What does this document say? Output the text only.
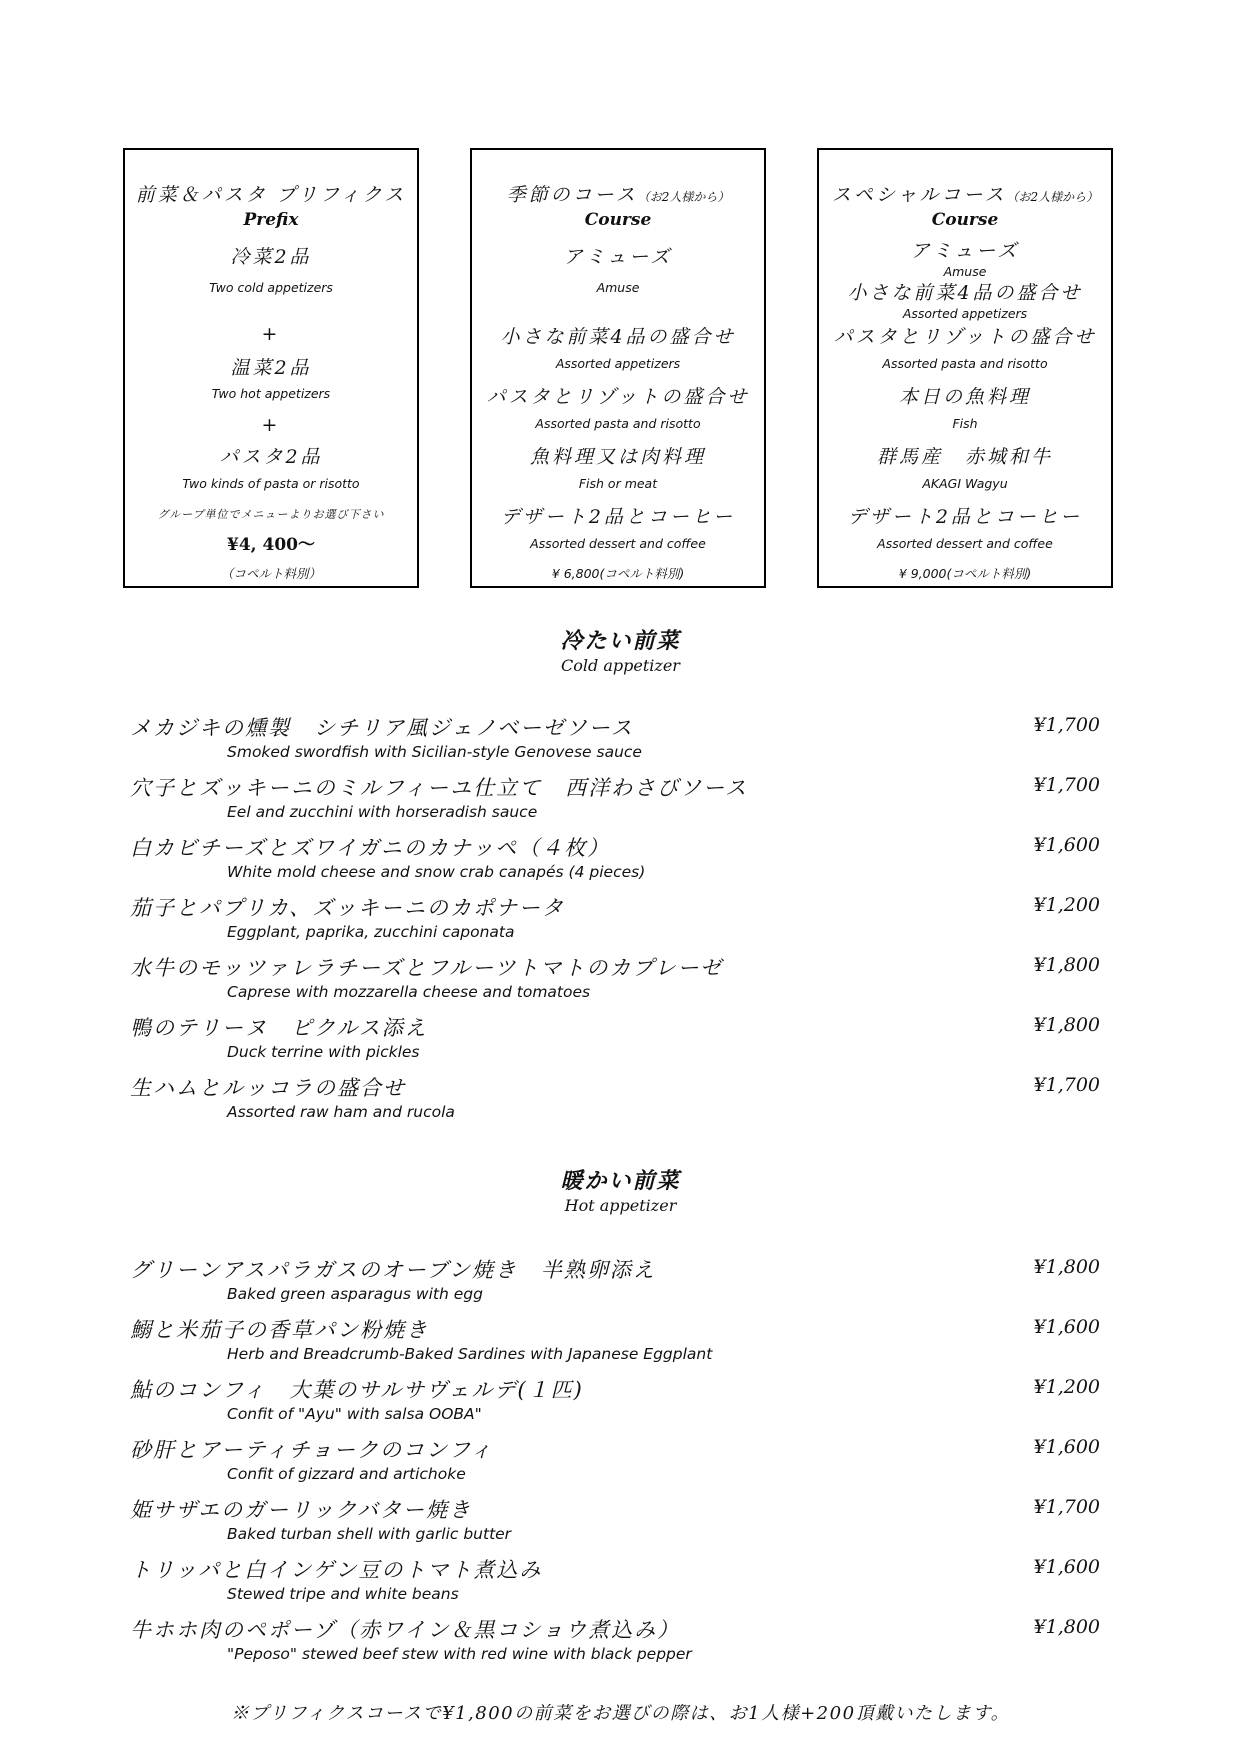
前菜＆パスタ プリフィクス
Prefix
冷菜2品
Two cold appetizers
+
温菜2品
Two hot appetizers
+
パスタ2品
Two kinds of pasta or risotto
グループ単位でメニューよりお選び下さい
¥4, 400～
（コペルト料別）
季節のコース（お2人様から）
Course
アミューズ
Amuse
小さな前菜4品の盛合せ
Assorted appetizers
パスタとリゾットの盛合せ
Assorted pasta and risotto
魚料理又は肉料理
Fish or meat
デザート2品とコーヒー
Assorted dessert and coffee
¥ 6,800(コペルト料別)
スペシャルコース（お2人様から）
Course
アミューズ
Amuse
小さな前菜4品の盛合せ
Assorted appetizers
パスタとリゾットの盛合せ
Assorted pasta and risotto
本日の魚料理
Fish
群馬産　赤城和牛
AKAGI Wagyu
デザート2品とコーヒー
Assorted dessert and coffee
¥ 9,000(コペルト料別)
冷たい前菜
Cold appetizer
メカジキの燻製　シチリア風ジェノベーゼソース
Smoked swordfish with Sicilian-style Genovese sauce
¥1,700
穴子とズッキーニのミルフィーユ仕立て　西洋わさびソース
Eel and zucchini with horseradish sauce
¥1,700
白カビチーズとズワイガニのカナッペ（４枚）
White mold cheese and snow crab canapés (4 pieces)
¥1,600
茄子とパプリカ、ズッキーニのカポナータ
Eggplant, paprika, zucchini caponata
¥1,200
水牛のモッツァレラチーズとフルーツトマトのカプレーゼ
Caprese with mozzarella cheese and tomatoes
¥1,800
鴨のテリーヌ　ピクルス添え
Duck terrine with pickles
¥1,800
生ハムとルッコラの盛合せ
Assorted raw ham and rucola
¥1,700
暖かい前菜
Hot appetizer
グリーンアスパラガスのオーブン焼き　半熟卵添え
Baked green asparagus with egg
¥1,800
鰯と米茄子の香草パン粉焼き
Herb and Breadcrumb-Baked Sardines with Japanese Eggplant
¥1,600
鮎のコンフィ　大葉のサルサヴェルデ(１匹)
Confit of "Ayu" with salsa OOBA"
¥1,200
砂肝とアーティチョークのコンフィ
Confit of gizzard and artichoke
¥1,600
姫サザエのガーリックバター焼き
Baked turban shell with garlic butter
¥1,700
トリッパと白インゲン豆のトマト煮込み
Stewed tripe and white beans
¥1,600
牛ホホ肉のペポーゾ（赤ワイン＆黒コショウ煮込み）
"Peposo" stewed beef stew with red wine with black pepper
¥1,800
※プリフィクスコースで¥1,800の前菜をお選びの際は、お1人様+200頂戴いたします。
